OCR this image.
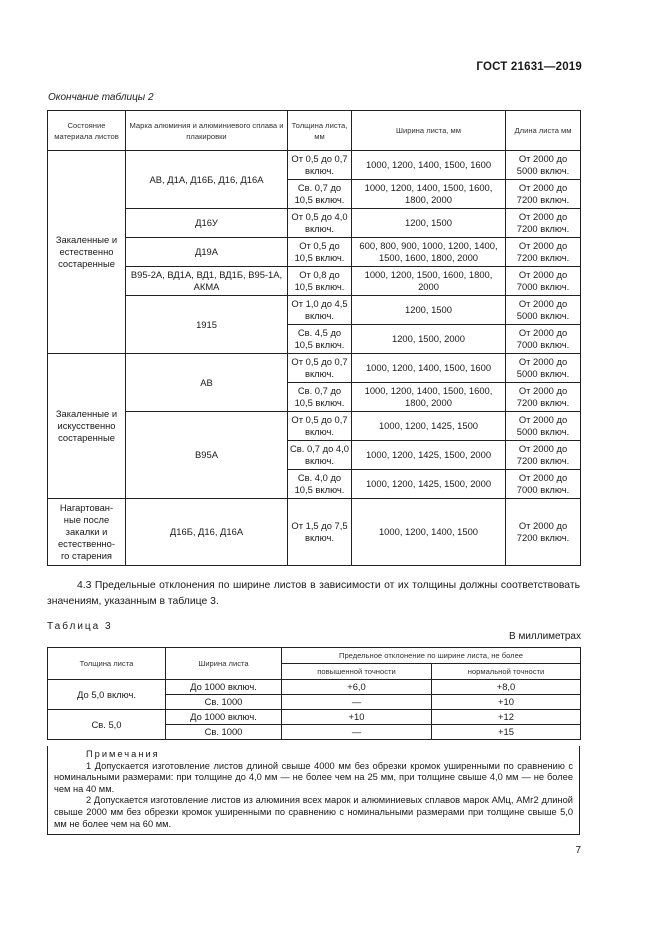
ГОСТ 21631—2019
Окончание таблицы 2
Состояние материала листов	Марка алюминия и алюминиевого сплава и плакировки	Толщина листа, мм	Ширина листа, мм	Длина листа мм
Закаленные и
естественно
состаренные	АВ, Д1А, Д16Б, Д16, Д16А	От 0,5 до 0,7 включ.	1000, 1200, 1400, 1500, 1600	От 2000 до 5000 включ.
		Св. 0,7 до 10,5 включ.	1000, 1200, 1400, 1500, 1600, 1800, 2000	От 2000 до 7200 включ.
	Д16У	От 0,5 до 4,0 включ.	1200, 1500	От 2000 до 7200 включ.
	Д19А	От 0,5 до 10,5 включ.	600, 800, 900, 1000, 1200, 1400, 1500, 1600, 1800, 2000	От 2000 до 7200 включ.
	В95-2А, ВД1А, ВД1, ВД1Б, В95-1А, АКМА	От 0,8 до 10,5 включ.	1000, 1200, 1500, 1600, 1800, 2000	От 2000 до 7000 включ.
	1915	От 1,0 до 4,5 включ.	1200, 1500	От 2000 до 5000 включ.
		Св. 4,5 до 10,5 включ.	1200, 1500, 2000	От 2000 до 7000 включ.
Закаленные и
искусственно
состаренные	АВ	От 0,5 до 0,7 включ.	1000, 1200, 1400, 1500, 1600	От 2000 до 5000 включ.
		Св. 0,7 до 10,5 включ.	1000, 1200, 1400, 1500, 1600, 1800, 2000	От 2000 до 7200 включ.
	В95А	От 0,5 до 0,7 включ.	1000, 1200, 1425, 1500	От 2000 до 5000 включ.
		Св. 0,7 до 4,0 включ.	1000, 1200, 1425, 1500, 2000	От 2000 до 7200 включ.
		Св. 4,0 до 10,5 включ.	1000, 1200, 1425, 1500, 2000	От 2000 до 7000 включ.
Нагартован-
ные после
закалки и
естественно-
го старения	Д16Б, Д16, Д16А	От 1,5 до 7,5 включ.	1000, 1200, 1400, 1500	От 2000 до 7200 включ.
4.3 Предельные отклонения по ширине листов в зависимости от их толщины должны соответствовать значениям, указанным в таблице 3.
Таблица 3
В миллиметрах
Толщина листа	Ширина листа	Предельное отклонение по ширине листа, не более	
		повышенной точности	нормальной точности
До 5,0 включ.	До 1000 включ.	+6,0	+8,0
	Св. 1000	—	+10
Св. 5,0	До 1000 включ.	+10	+12
	Св. 1000	—	+15
Примечания
1 Допускается изготовление листов длиной свыше 4000 мм без обрезки кромок уширенными по сравнению с номинальными размерами: при толщине до 4,0 мм — не более чем на 25 мм, при толщине свыше 4,0 мм — не более чем на 40 мм.
2 Допускается изготовление листов из алюминия всех марок и алюминиевых сплавов марок АМц, АМг2 длиной свыше 2000 мм без обрезки кромок уширенными по сравнению с номинальными размерами при толщине свыше 5,0 мм не более чем на 60 мм.
7
